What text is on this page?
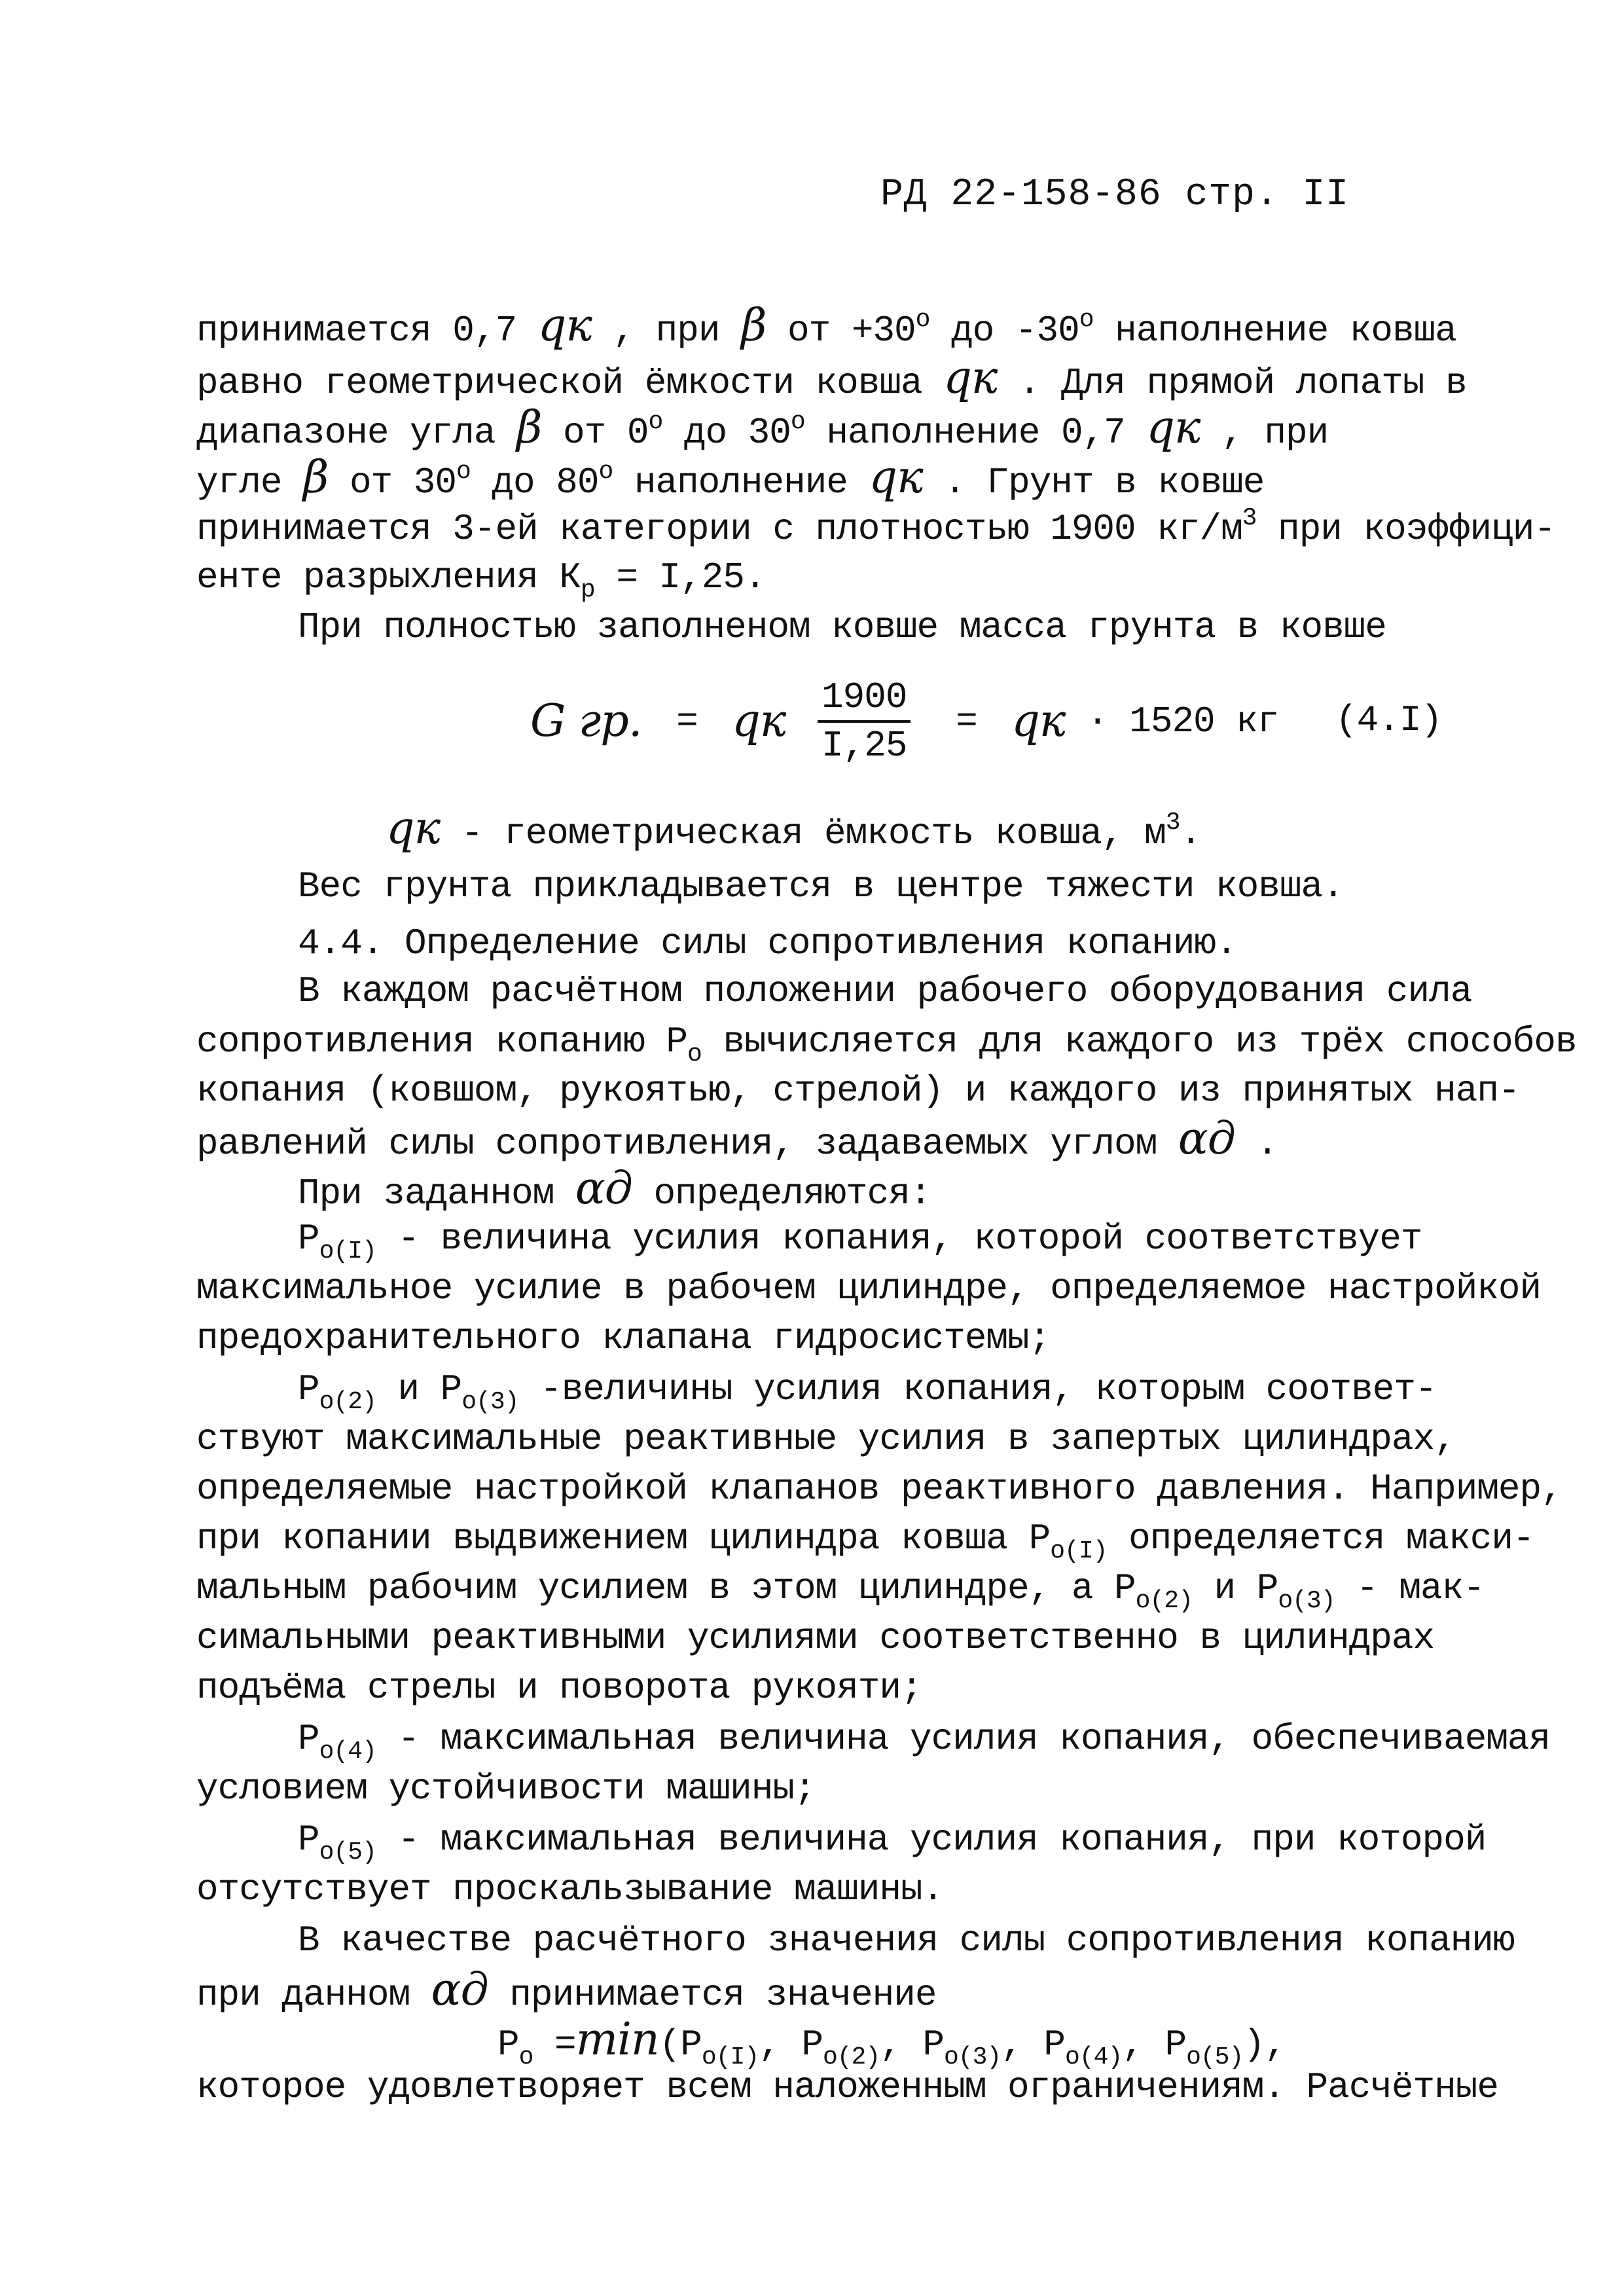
РД 22-158-86 стр. II
принимается 0,7 qк , при β от $+30^о$ до $-30^о$ наполнение ковша
равно геометрической ёмкости ковша qк . Для прямой лопаты в
диапазоне угла β от $0^о$ до $30^о$ наполнение 0,7 qк , при
угле β от $30^о$ до $80^о$ наполнение qк . Грунт в ковше
принимается 3-ей категории с плотностью 1900 $кг/м^3$ при коэффици-
енте разрыхления $К_р = I,25$.
При полностью заполненом ковше масса грунта в ковше
G гр. = qк $\frac{1900}{I,25}$ = qк · 1520 кг (4.I)
qк - геометрическая ёмкость ковша, $м^3$.
Вес грунта прикладывается в центре тяжести ковша.
4.4. Определение силы сопротивления копанию.
В каждом расчётном положении рабочего оборудования сила
сопротивления копанию $Р_о$ вычисляется для каждого из трёх способов
копания (ковшом, рукоятью, стрелой) и каждого из принятых нап-
равлений силы сопротивления, задаваемых углом αд .
При заданном αд определяются:
$Р_{о(I)}$ - величина усилия копания, которой соответствует
максимальное усилие в рабочем цилиндре, определяемое настройкой
предохранительного клапана гидросистемы;
$Р_{о(2)}$ и $Р_{о(3)}$ -величины усилия копания, которым соответ-
ствуют максимальные реактивные усилия в запертых цилиндрах,
определяемые настройкой клапанов реактивного давления. Например,
при копании выдвижением цилиндра ковша $Р_{о(I)}$ определяется макси-
мальным рабочим усилием в этом цилиндре, а $Р_{о(2)}$ и $Р_{о(3)} - мак-$
симальными реактивными усилиями соответственно в цилиндрах
подъёма стрелы и поворота рукояти;
$Р_{о(4)}$ - максимальная величина усилия копания, обеспечиваемая
условием устойчивости машины;
$Р_{о(5)}$ - максимальная величина усилия копания, при которой
отсутствует проскальзывание машины.
В качестве расчётного значения силы сопротивления копанию
при данном αд принимается значение
$Р_о =\min(Р_{о(I)}$, $Р_{о(2)}$, $Р_{о(3)}$, $Р_{о(4)}$, $Р_{о(5)}$),
которое удовлетворяет всем наложенным ограничениям. Расчётные
